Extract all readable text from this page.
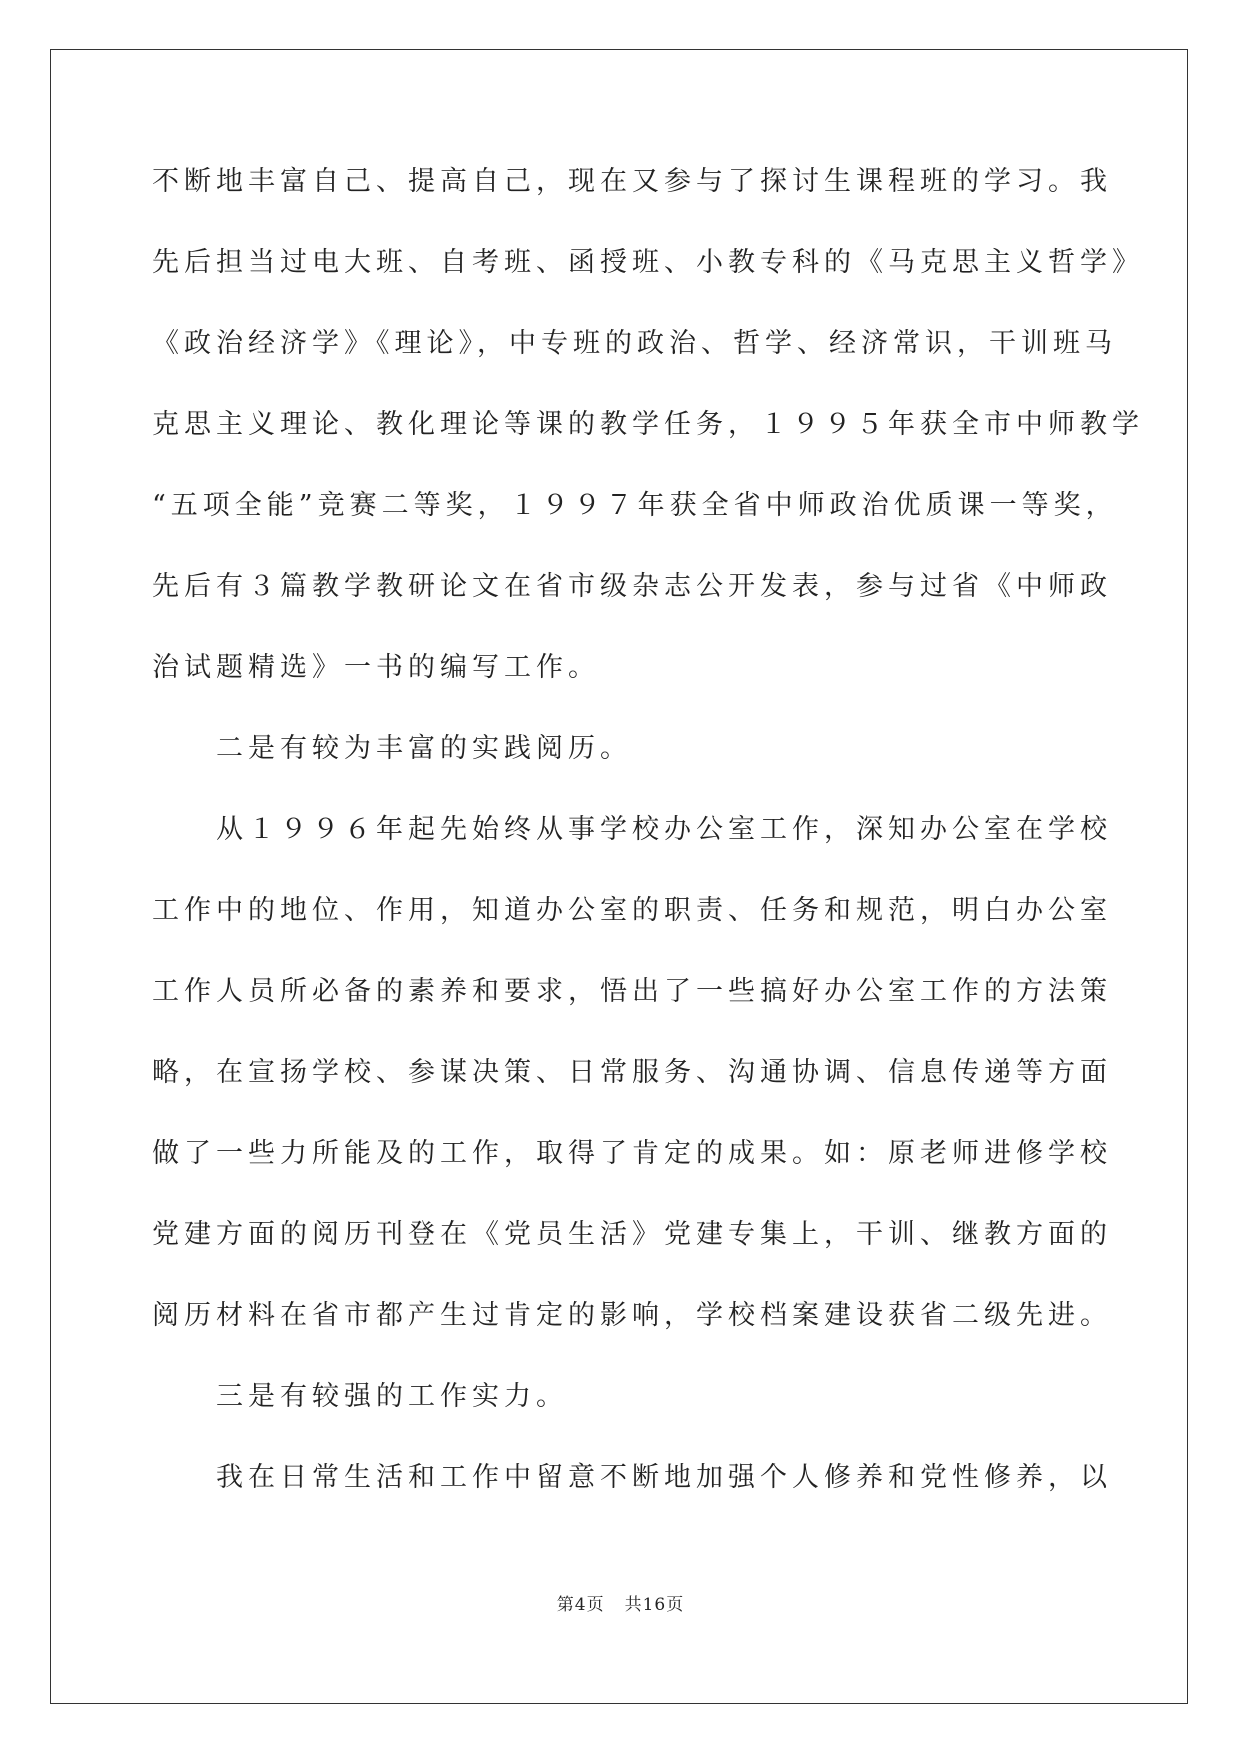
不断地丰富自己、提高自己，现在又参与了探讨生课程班的学习。我
先后担当过电大班、自考班、函授班、小教专科的《马克思主义哲学》
《政治经济学》《理论》，中专班的政治、哲学、经济常识，干训班马
克思主义理论、教化理论等课的教学任务，１９９５年获全市中师教学
“五项全能”竞赛二等奖，１９９７年获全省中师政治优质课一等奖，
先后有３篇教学教研论文在省市级杂志公开发表，参与过省《中师政
治试题精选》一书的编写工作。
二是有较为丰富的实践阅历。
从１９９６年起先始终从事学校办公室工作，深知办公室在学校
工作中的地位、作用，知道办公室的职责、任务和规范，明白办公室
工作人员所必备的素养和要求，悟出了一些搞好办公室工作的方法策
略，在宣扬学校、参谋决策、日常服务、沟通协调、信息传递等方面
做了一些力所能及的工作，取得了肯定的成果。如：原老师进修学校
党建方面的阅历刊登在《党员生活》党建专集上，干训、继教方面的
阅历材料在省市都产生过肯定的影响，学校档案建设获省二级先进。
三是有较强的工作实力。
我在日常生活和工作中留意不断地加强个人修养和党性修养，以
第4页 共16页
